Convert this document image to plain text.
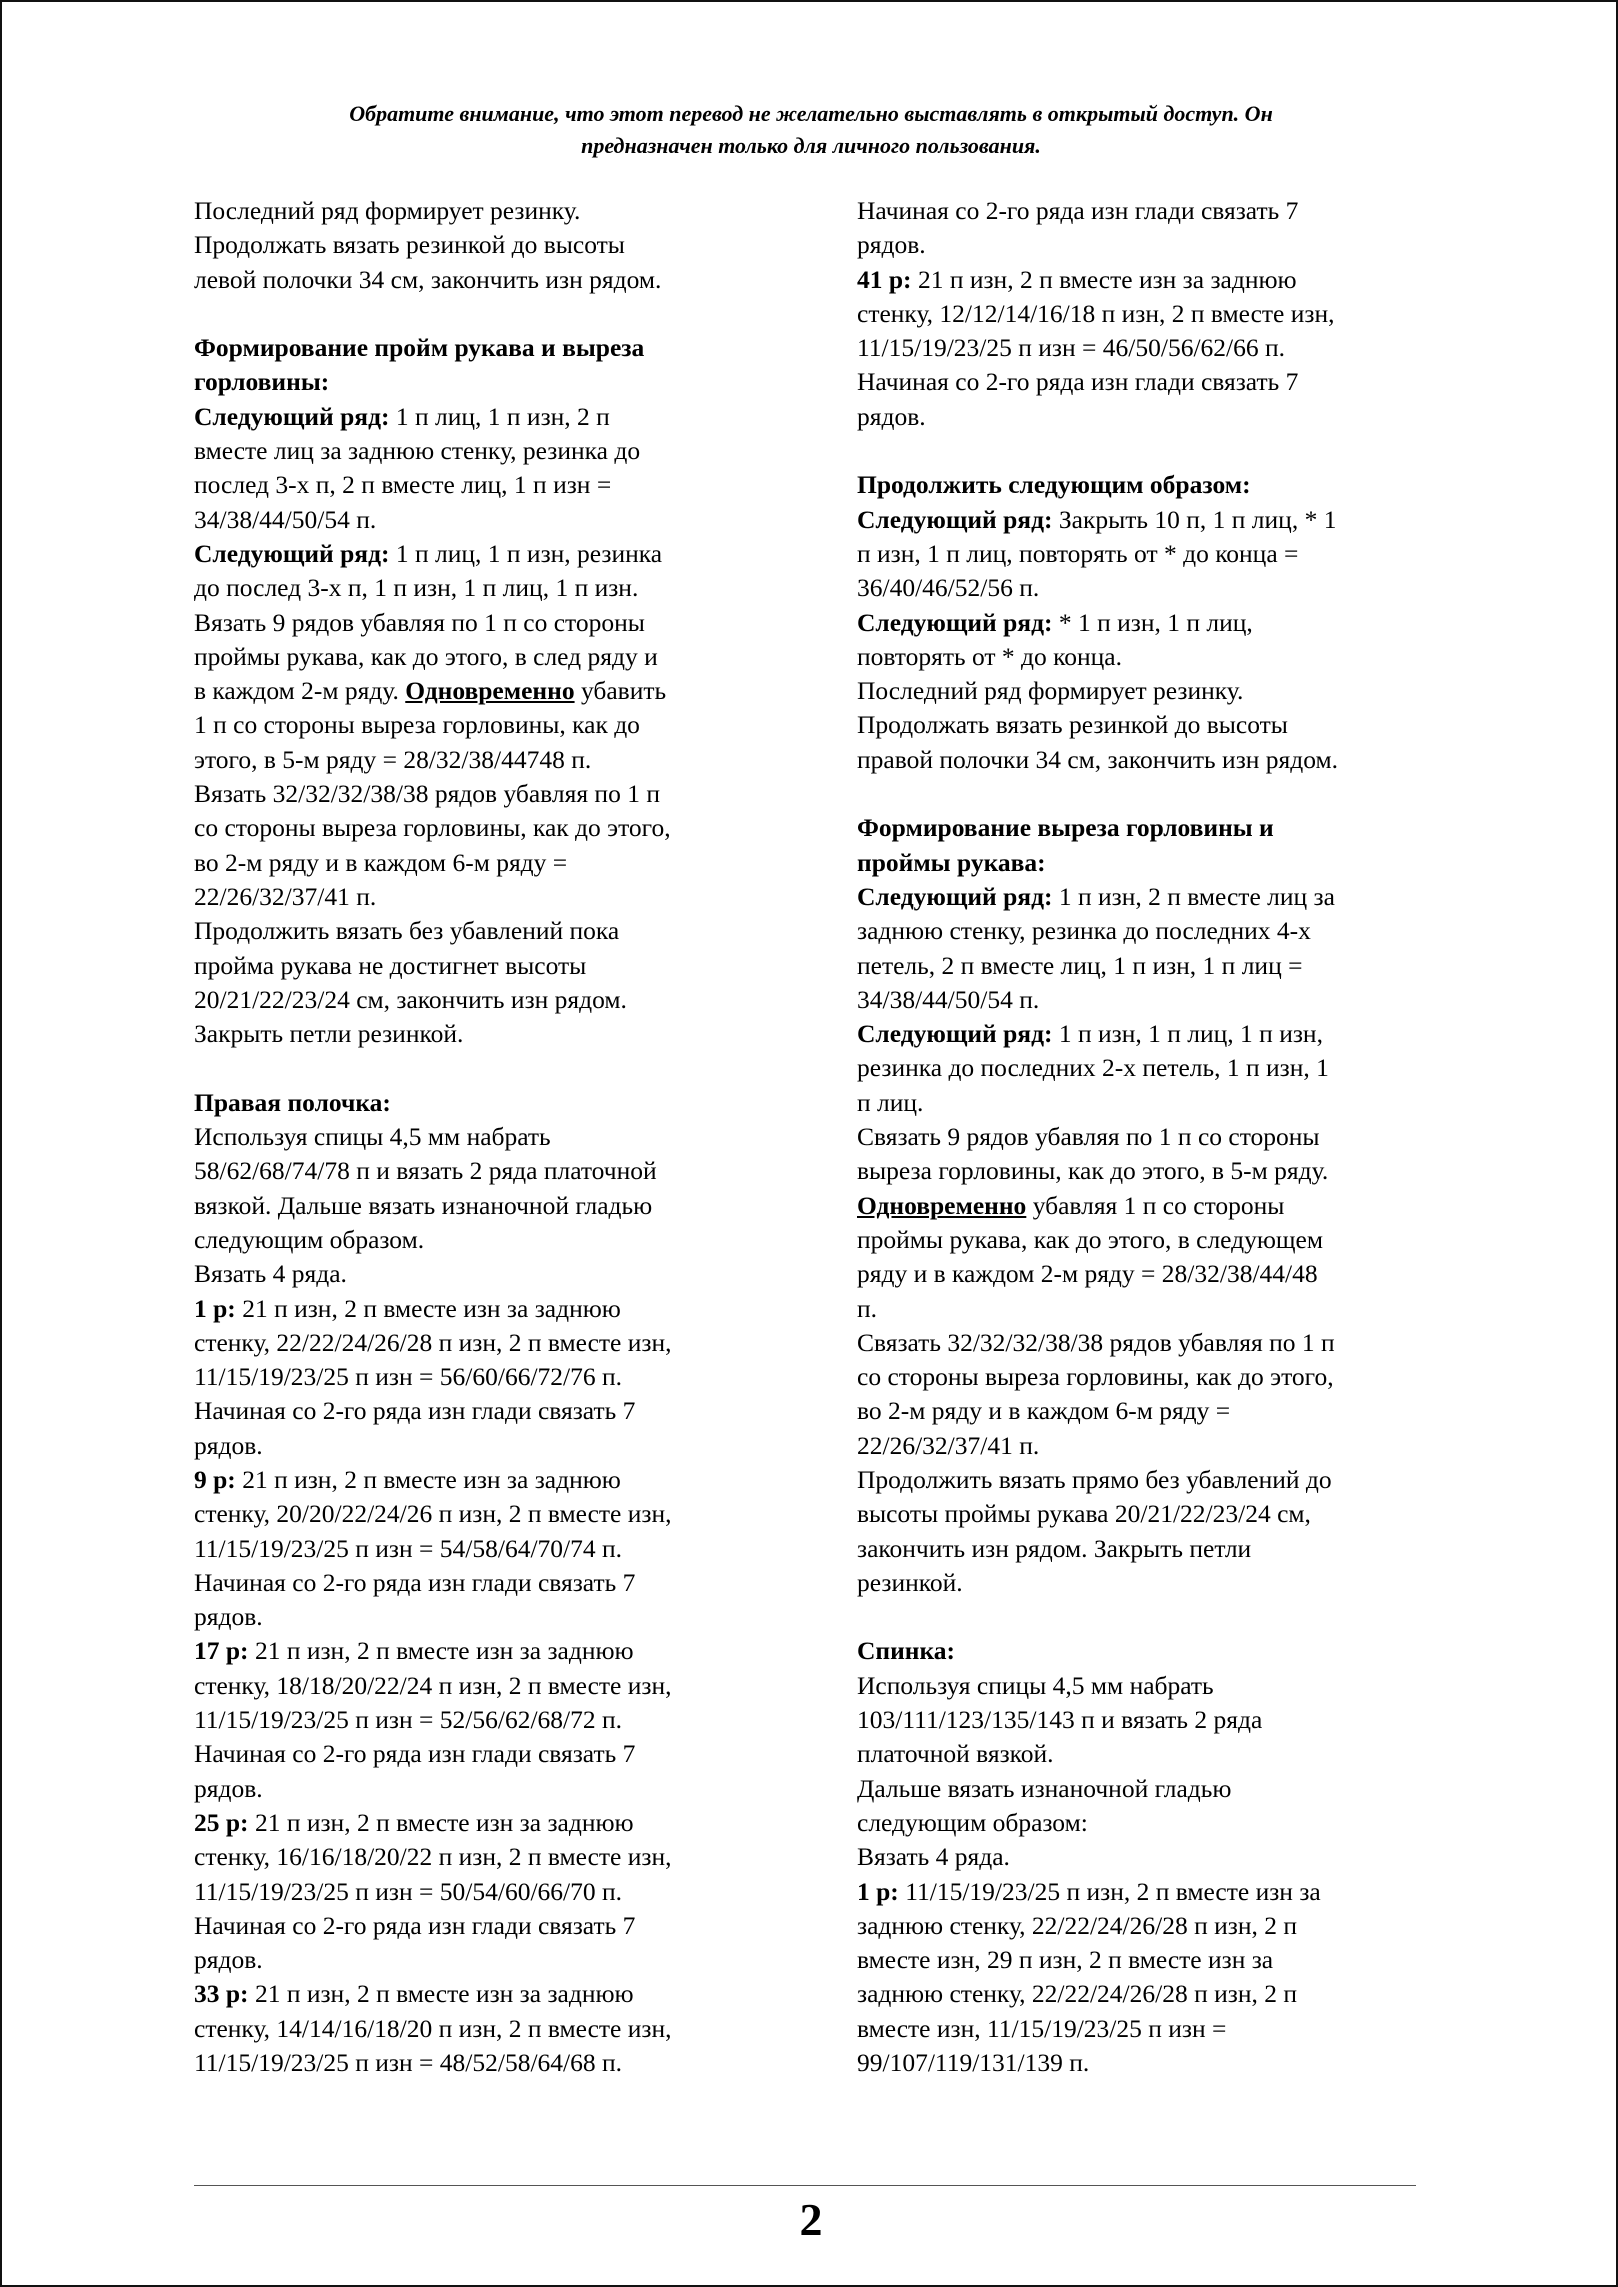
Обратите внимание, что этот перевод не желательно выставлять в открытый доступ. Он
предназначен только для личного пользования.

Последний ряд формирует резинку.

Продолжать вязать резинкой до высоты

левой полочки 34 см, закончить изн рядом.

Формирование пройм рукава и выреза

горловины:

Следующий ряд: 1 п лиц, 1 п изн, 2 п

вместе лиц за заднюю стенку, резинка до

послед 3-х п, 2 п вместе лиц, 1 п изн =

34/38/44/50/54 п.

Следующий ряд: 1 п лиц, 1 п изн, резинка

до послед 3-х п, 1 п изн, 1 п лиц, 1 п изн.

Вязать 9 рядов убавляя по 1 п со стороны

проймы рукава, как до этого, в след ряду и

в каждом 2-м ряду. Одновременно убавить

1 п со стороны выреза горловины, как до

этого, в 5-м ряду = 28/32/38/44748 п.

Вязать 32/32/32/38/38 рядов убавляя по 1 п

со стороны выреза горловины, как до этого,

во 2-м ряду и в каждом 6-м ряду =

22/26/32/37/41 п.

Продолжить вязать без убавлений пока

пройма рукава не достигнет высоты

20/21/22/23/24 см, закончить изн рядом.

Закрыть петли резинкой.

Правая полочка:

Используя спицы 4,5 мм набрать

58/62/68/74/78 п и вязать 2 ряда платочной

вязкой. Дальше вязать изнаночной гладью

следующим образом.

Вязать 4 ряда.

1 р: 21 п изн, 2 п вместе изн за заднюю

стенку, 22/22/24/26/28 п изн, 2 п вместе изн,

11/15/19/23/25 п изн = 56/60/66/72/76 п.

Начиная со 2-го ряда изн глади связать 7

рядов.

9 р: 21 п изн, 2 п вместе изн за заднюю

стенку, 20/20/22/24/26 п изн, 2 п вместе изн,

11/15/19/23/25 п изн = 54/58/64/70/74 п.

Начиная со 2-го ряда изн глади связать 7

рядов.

17 р: 21 п изн, 2 п вместе изн за заднюю

стенку, 18/18/20/22/24 п изн, 2 п вместе изн,

11/15/19/23/25 п изн = 52/56/62/68/72 п.

Начиная со 2-го ряда изн глади связать 7

рядов.

25 р: 21 п изн, 2 п вместе изн за заднюю

стенку, 16/16/18/20/22 п изн, 2 п вместе изн,

11/15/19/23/25 п изн = 50/54/60/66/70 п.

Начиная со 2-го ряда изн глади связать 7

рядов.

33 р: 21 п изн, 2 п вместе изн за заднюю

стенку, 14/14/16/18/20 п изн, 2 п вместе изн,

11/15/19/23/25 п изн = 48/52/58/64/68 п.

Начиная со 2-го ряда изн глади связать 7

рядов.

41 р: 21 п изн, 2 п вместе изн за заднюю

стенку, 12/12/14/16/18 п изн, 2 п вместе изн,

11/15/19/23/25 п изн = 46/50/56/62/66 п.

Начиная со 2-го ряда изн глади связать 7

рядов.

Продолжить следующим образом:

Следующий ряд: Закрыть 10 п, 1 п лиц, * 1

п изн, 1 п лиц, повторять от * до конца =

36/40/46/52/56 п.

Следующий ряд: * 1 п изн, 1 п лиц,

повторять от * до конца.

Последний ряд формирует резинку.

Продолжать вязать резинкой до высоты

правой полочки 34 см, закончить изн рядом.

Формирование выреза горловины и

проймы рукава:

Следующий ряд: 1 п изн, 2 п вместе лиц за

заднюю стенку, резинка до последних 4-х

петель, 2 п вместе лиц, 1 п изн, 1 п лиц =

34/38/44/50/54 п.

Следующий ряд: 1 п изн, 1 п лиц, 1 п изн,

резинка до последних 2-х петель, 1 п изн, 1

п лиц.

Связать 9 рядов убавляя по 1 п со стороны

выреза горловины, как до этого, в 5-м ряду.

Одновременно убавляя 1 п со стороны

проймы рукава, как до этого, в следующем

ряду и в каждом 2-м ряду = 28/32/38/44/48

п.

Связать 32/32/32/38/38 рядов убавляя по 1 п

со стороны выреза горловины, как до этого,

во 2-м ряду и в каждом 6-м ряду =

22/26/32/37/41 п.

Продолжить вязать прямо без убавлений до

высоты проймы рукава 20/21/22/23/24 см,

закончить изн рядом. Закрыть петли

резинкой.

Спинка:

Используя спицы 4,5 мм набрать

103/111/123/135/143 п и вязать 2 ряда

платочной вязкой.

Дальше вязать изнаночной гладью

следующим образом:

Вязать 4 ряда.

1 р: 11/15/19/23/25 п изн, 2 п вместе изн за

заднюю стенку, 22/22/24/26/28 п изн, 2 п

вместе изн, 29 п изн, 2 п вместе изн за

заднюю стенку, 22/22/24/26/28 п изн, 2 п

вместе изн, 11/15/19/23/25 п изн =

99/107/119/131/139 п.

2
